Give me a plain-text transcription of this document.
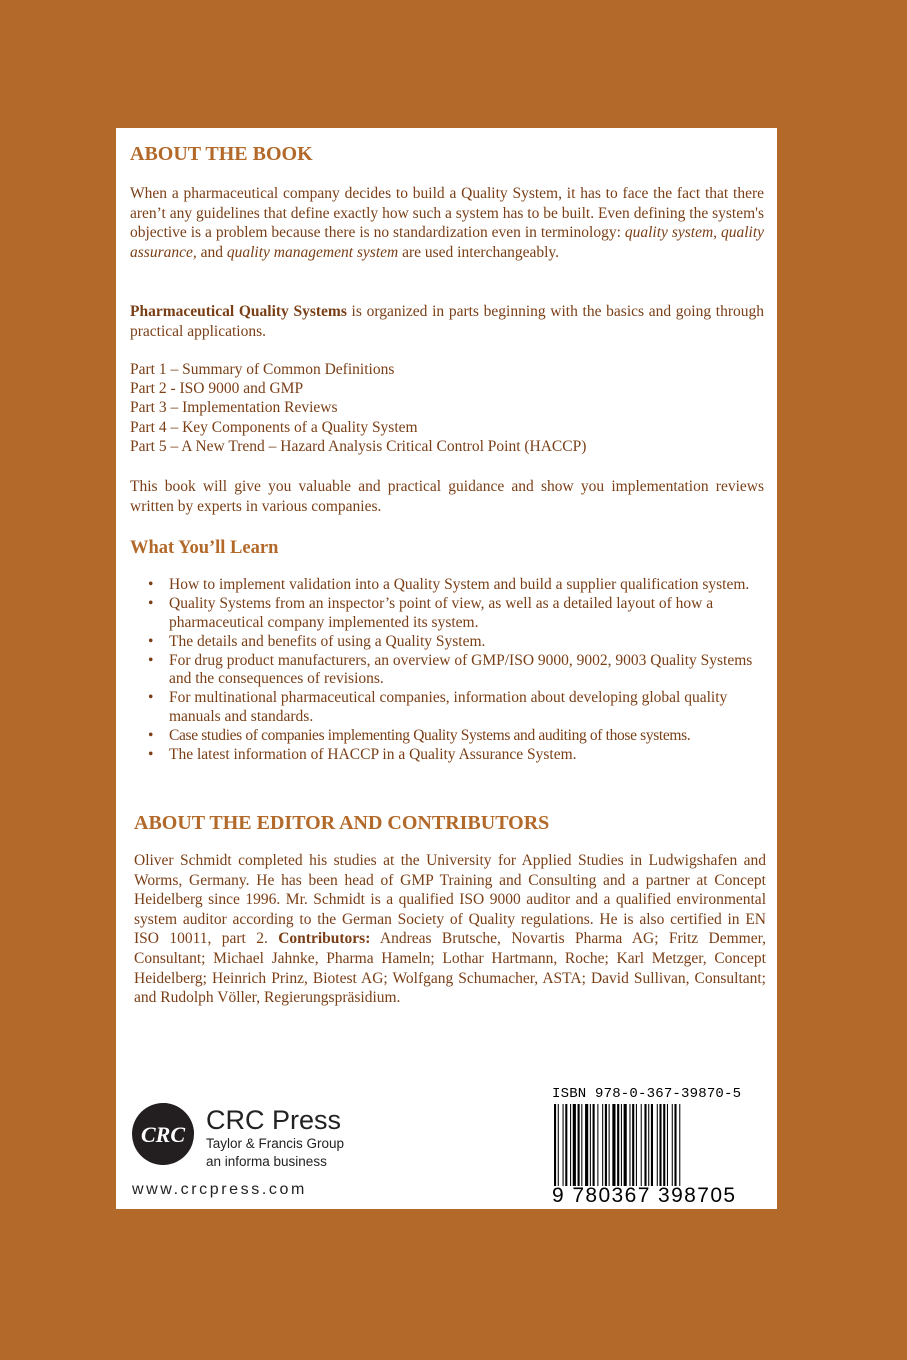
ABOUT THE BOOK

When a pharmaceutical company decides to build a Quality System, it has to face the fact that there aren’t any guidelines that define exactly how such a system has to be built. Even defining the system's objective is a problem because there is no standardization even in terminology: quality system, quality assurance, and quality management system are used interchangeably.

Pharmaceutical Quality Systems is organized in parts beginning with the basics and going through practical applications.

Part 1 – Summary of Common Definitions
Part 2 - ISO 9000 and GMP
Part 3 – Implementation Reviews
Part 4 – Key Components of a Quality System
Part 5 – A New Trend – Hazard Analysis Critical Control Point (HACCP)

This book will give you valuable and practical guidance and show you implementation reviews written by experts in various companies.

What You’ll Learn
• How to implement validation into a Quality System and build a supplier qualification system.
• Quality Systems from an inspector’s point of view, as well as a detailed layout of how a pharmaceutical company implemented its system.
• The details and benefits of using a Quality System.
• For drug product manufacturers, an overview of GMP/ISO 9000, 9002, 9003 Quality Systems and the consequences of revisions.
• For multinational pharmaceutical companies, information about developing global quality manuals and standards.
• Case studies of companies implementing Quality Systems and auditing of those systems.
• The latest information of HACCP in a Quality Assurance System.
ABOUT THE EDITOR AND CONTRIBUTORS

Oliver Schmidt completed his studies at the University for Applied Studies in Ludwigshafen and Worms, Germany. He has been head of GMP Training and Consulting and a partner at Concept Heidelberg since 1996. Mr. Schmidt is a qualified ISO 9000 auditor and a qualified environmental system auditor according to the German Society of Quality regulations. He is also certified in EN ISO 10011, part 2. Contributors: Andreas Brutsche, Novartis Pharma AG; Fritz Demmer, Consultant; Michael Jahnke, Pharma Hameln; Lothar Hartmann, Roche; Karl Metzger, Concept Heidelberg; Heinrich Prinz, Biotest AG; Wolfgang Schumacher, ASTA; David Sullivan, Consultant; and Rudolph Völler, Regierungspräsidium.

ISBN 978-0-367-39870-5
9 780367 398705
CRC CRC Press
Taylor & Francis Group
an informa business
www.crcpress.com
